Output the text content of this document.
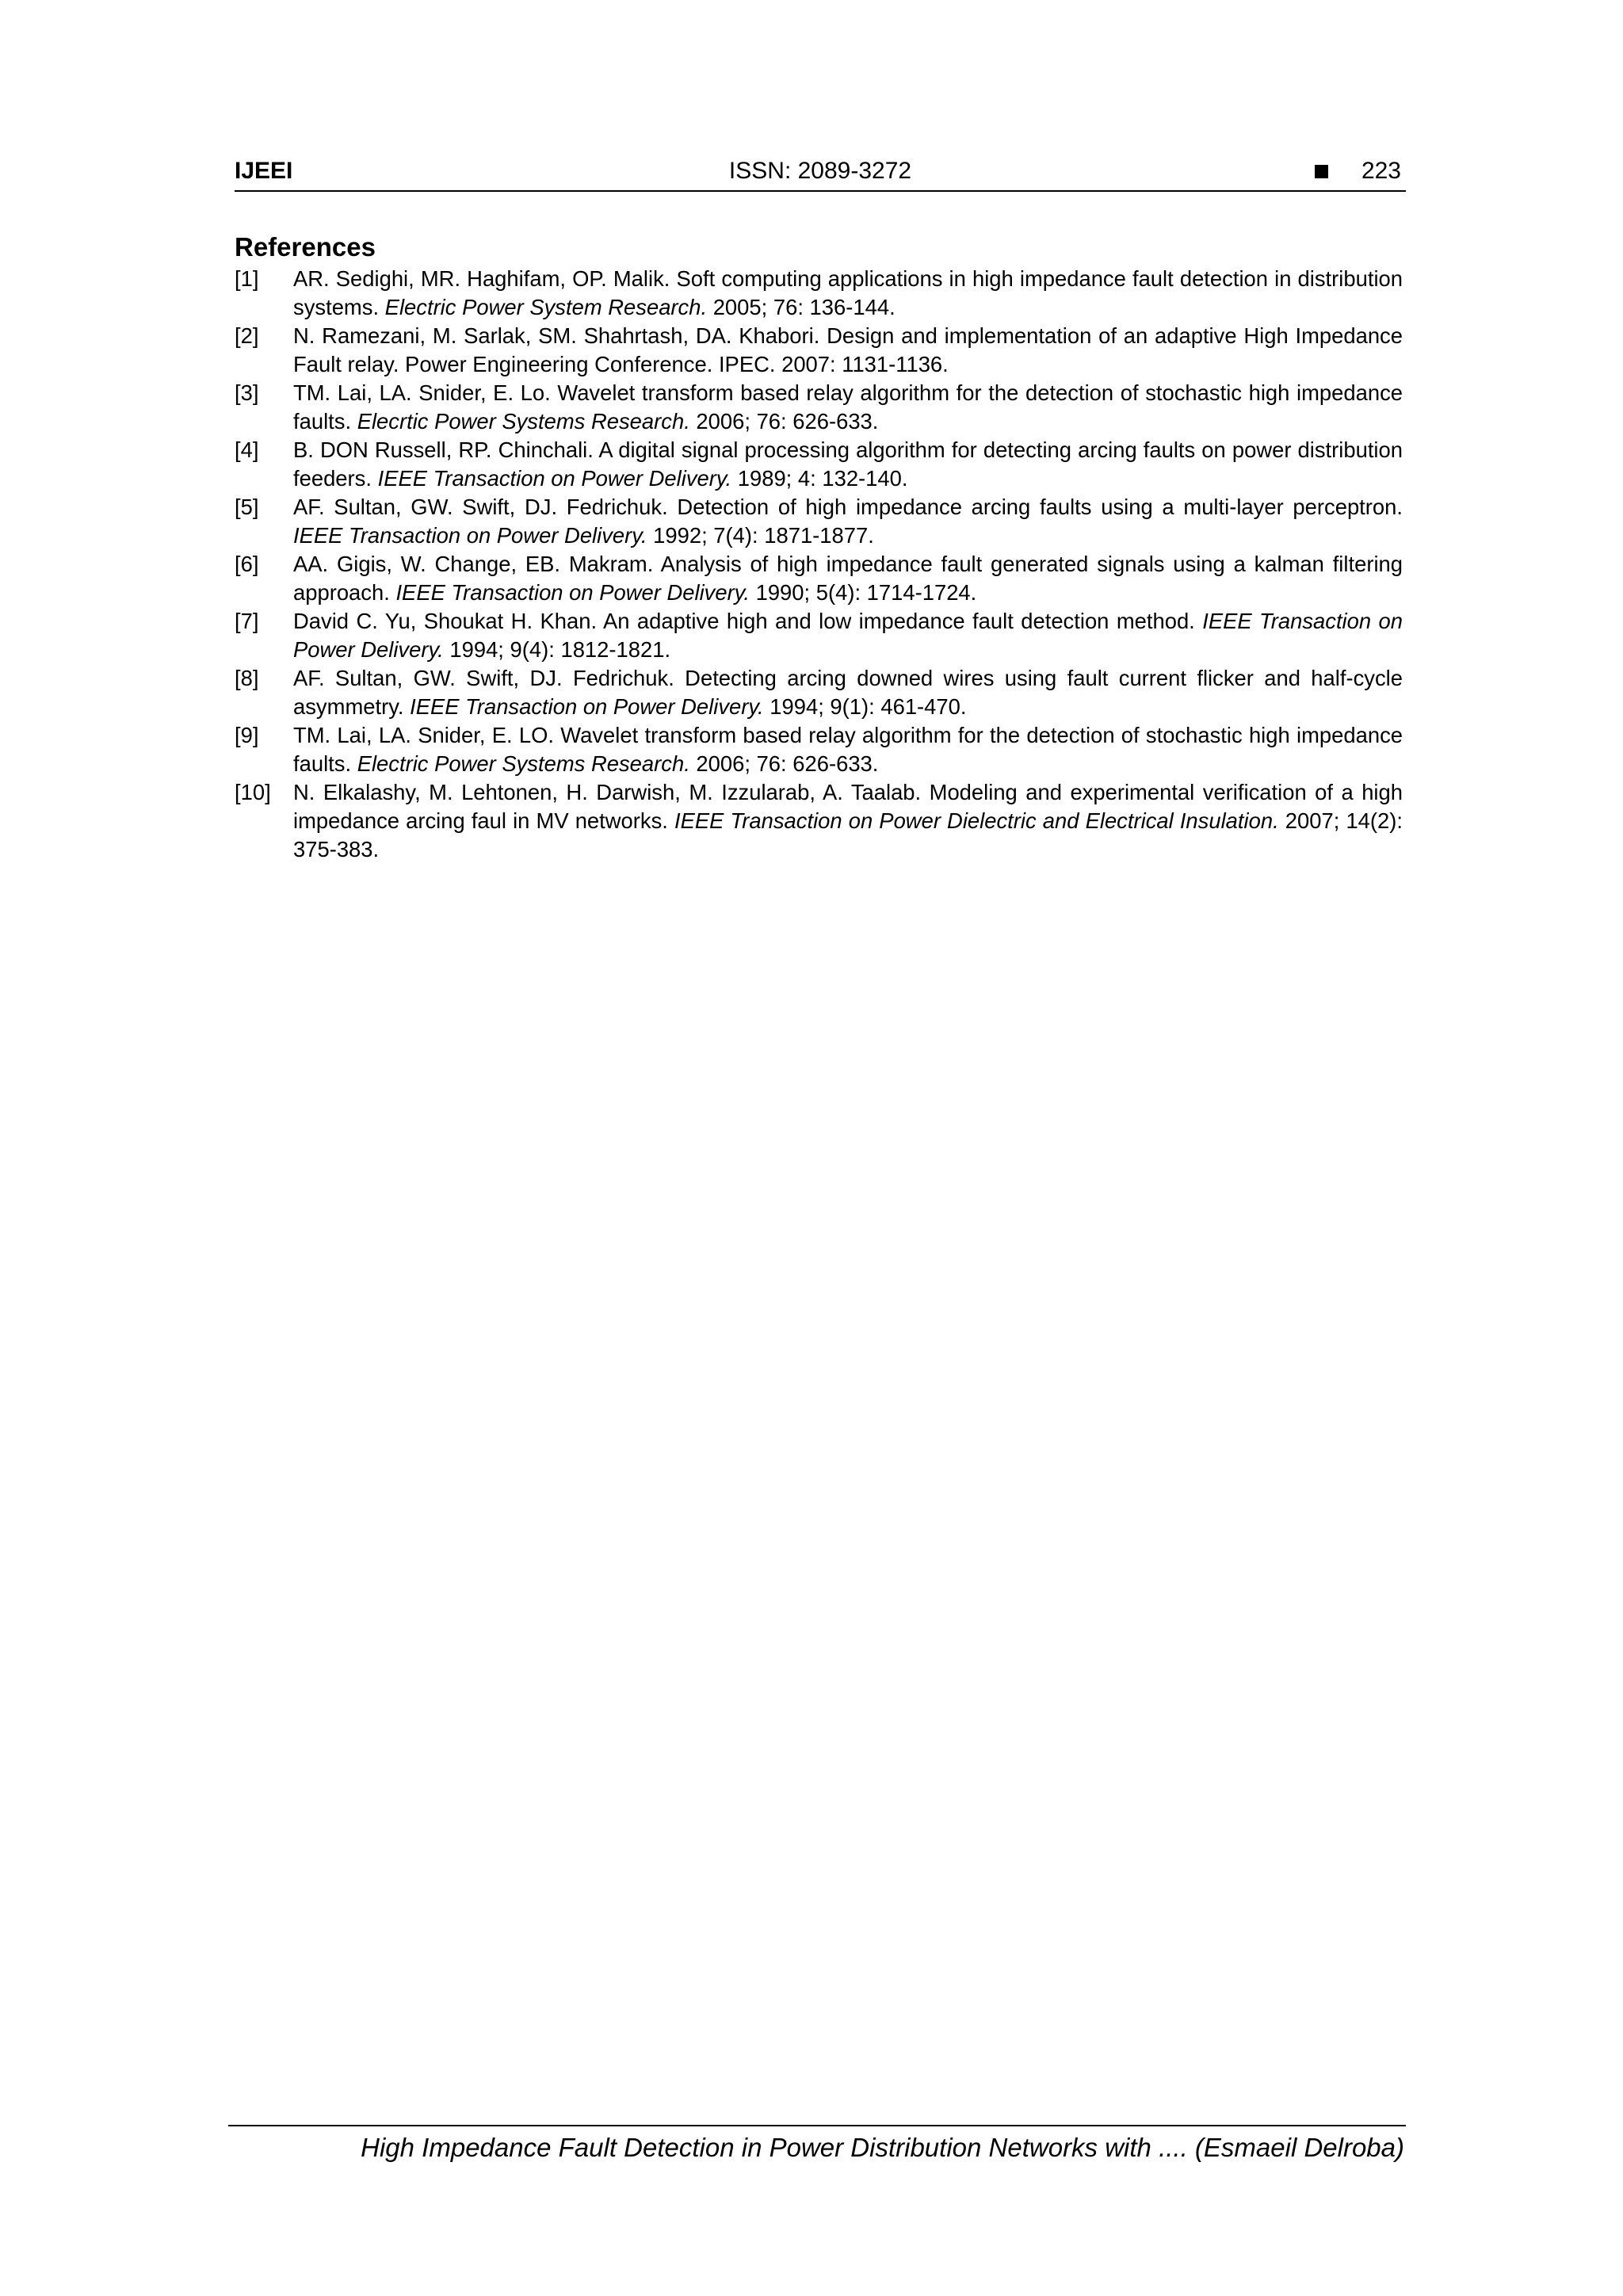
IJEEI	ISSN: 2089-3272	223
References
[1] AR. Sedighi, MR. Haghifam, OP. Malik. Soft computing applications in high impedance fault detection in distribution systems. Electric Power System Research. 2005; 76: 136-144.
[2] N. Ramezani, M. Sarlak, SM. Shahrtash, DA. Khabori. Design and implementation of an adaptive High Impedance Fault relay. Power Engineering Conference. IPEC. 2007: 1131-1136.
[3] TM. Lai, LA. Snider, E. Lo. Wavelet transform based relay algorithm for the detection of stochastic high impedance faults. Elecrtic Power Systems Research. 2006; 76: 626-633.
[4] B. DON Russell, RP. Chinchali. A digital signal processing algorithm for detecting arcing faults on power distribution feeders. IEEE Transaction on Power Delivery. 1989; 4: 132-140.
[5] AF. Sultan, GW. Swift, DJ. Fedrichuk. Detection of high impedance arcing faults using a multi-layer perceptron. IEEE Transaction on Power Delivery. 1992; 7(4): 1871-1877.
[6] AA. Gigis, W. Change, EB. Makram. Analysis of high impedance fault generated signals using a kalman filtering approach. IEEE Transaction on Power Delivery. 1990; 5(4): 1714-1724.
[7] David C. Yu, Shoukat H. Khan. An adaptive high and low impedance fault detection method. IEEE Transaction on Power Delivery. 1994; 9(4): 1812-1821.
[8] AF. Sultan, GW. Swift, DJ. Fedrichuk. Detecting arcing downed wires using fault current flicker and half-cycle asymmetry. IEEE Transaction on Power Delivery. 1994; 9(1): 461-470.
[9] TM. Lai, LA. Snider, E. LO. Wavelet transform based relay algorithm for the detection of stochastic high impedance faults. Electric Power Systems Research. 2006; 76: 626-633.
[10] N. Elkalashy, M. Lehtonen, H. Darwish, M. Izzularab, A. Taalab. Modeling and experimental verification of a high impedance arcing faul in MV networks. IEEE Transaction on Power Dielectric and Electrical Insulation. 2007; 14(2): 375-383.
High Impedance Fault Detection in Power Distribution Networks with .... (Esmaeil Delroba)
